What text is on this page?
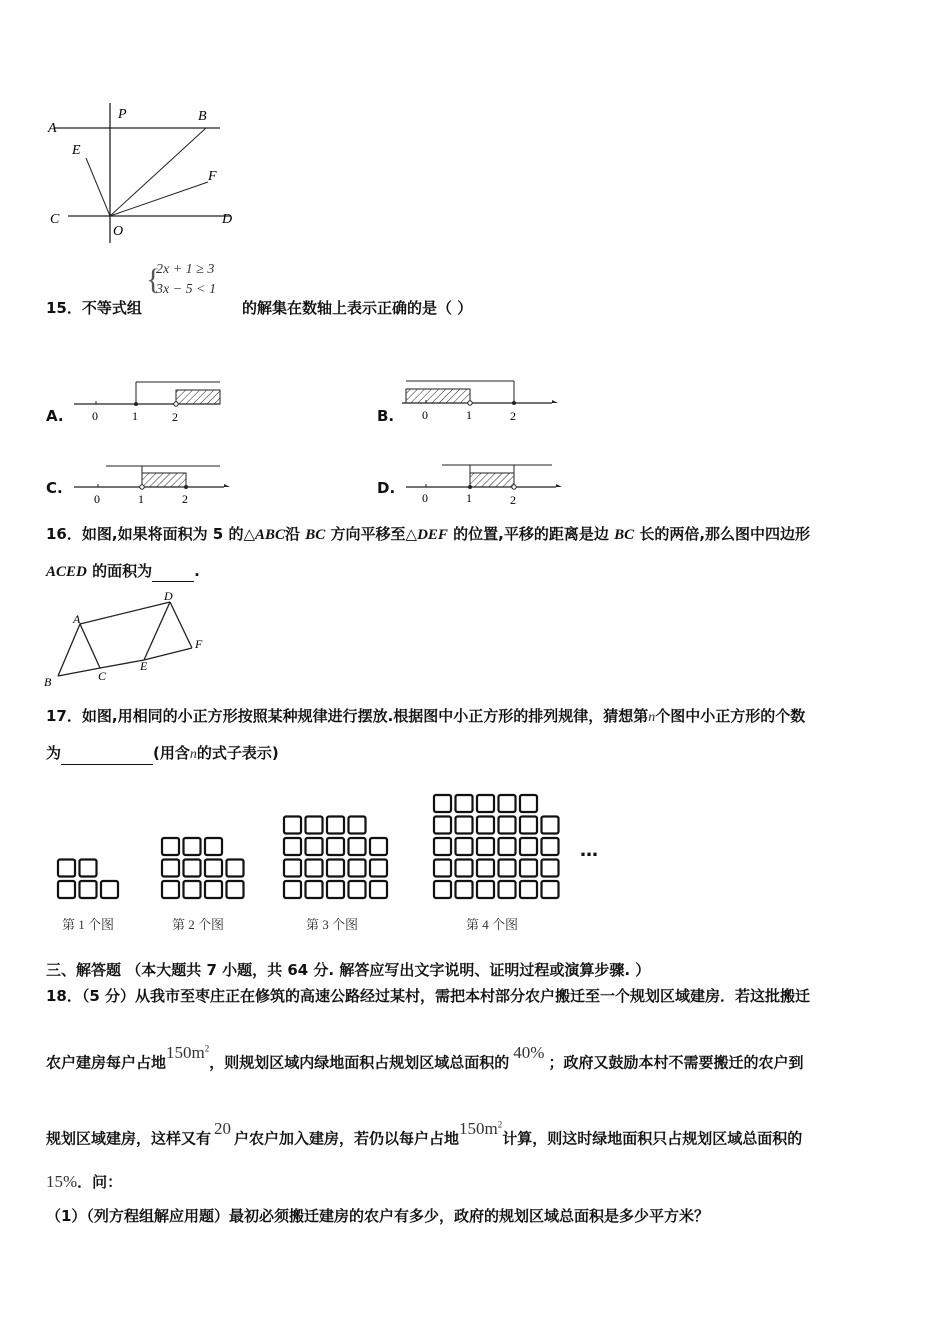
A
P	B
E
F
C
O
D
{
2x + 1 ≥ 3
3x − 5 < 1
15．不等式组	的解集在数轴上表示正确的是（ ）
A. 0	1	2	B. 0	1	2
C.
0	1	2
D.
0	1	2
16．如图,如果将面积为 5 的△ABC沿 BC 方向平移至△DEF 的位置,平移的距离是边 BC 长的两倍,那么图中四边形
ACED 的面积为	.
A
D
F
E
C
B
17．如图,用相同的小正方形按照某种规律进行摆放.根据图中小正方形的排列规律，猜想第n个图中小正方形的个数
为	(用含n的式子表示)
…
第 1 个图	第 2 个图	第 3 个图	第 4 个图
三、解答题 （本大题共 7 小题，共 64 分. 解答应写出文字说明、证明过程或演算步骤. ）
18．（5 分）从我市至枣庄正在修筑的高速公路经过某村，需把本村部分农户搬迁至一个规划区域建房．若这批搬迁
农户建房每户占地$150m^2$，则规划区域内绿地面积占规划区域总面积的40%；政府又鼓励本村不需要搬迁的农户到
规划区域建房，这样又有20户农户加入建房，若仍以每户占地$150m^2$计算，则这时绿地面积只占规划区域总面积的
15%．问：
（1）（列方程组解应用题）最初必须搬迁建房的农户有多少，政府的规划区域总面积是多少平方米？
